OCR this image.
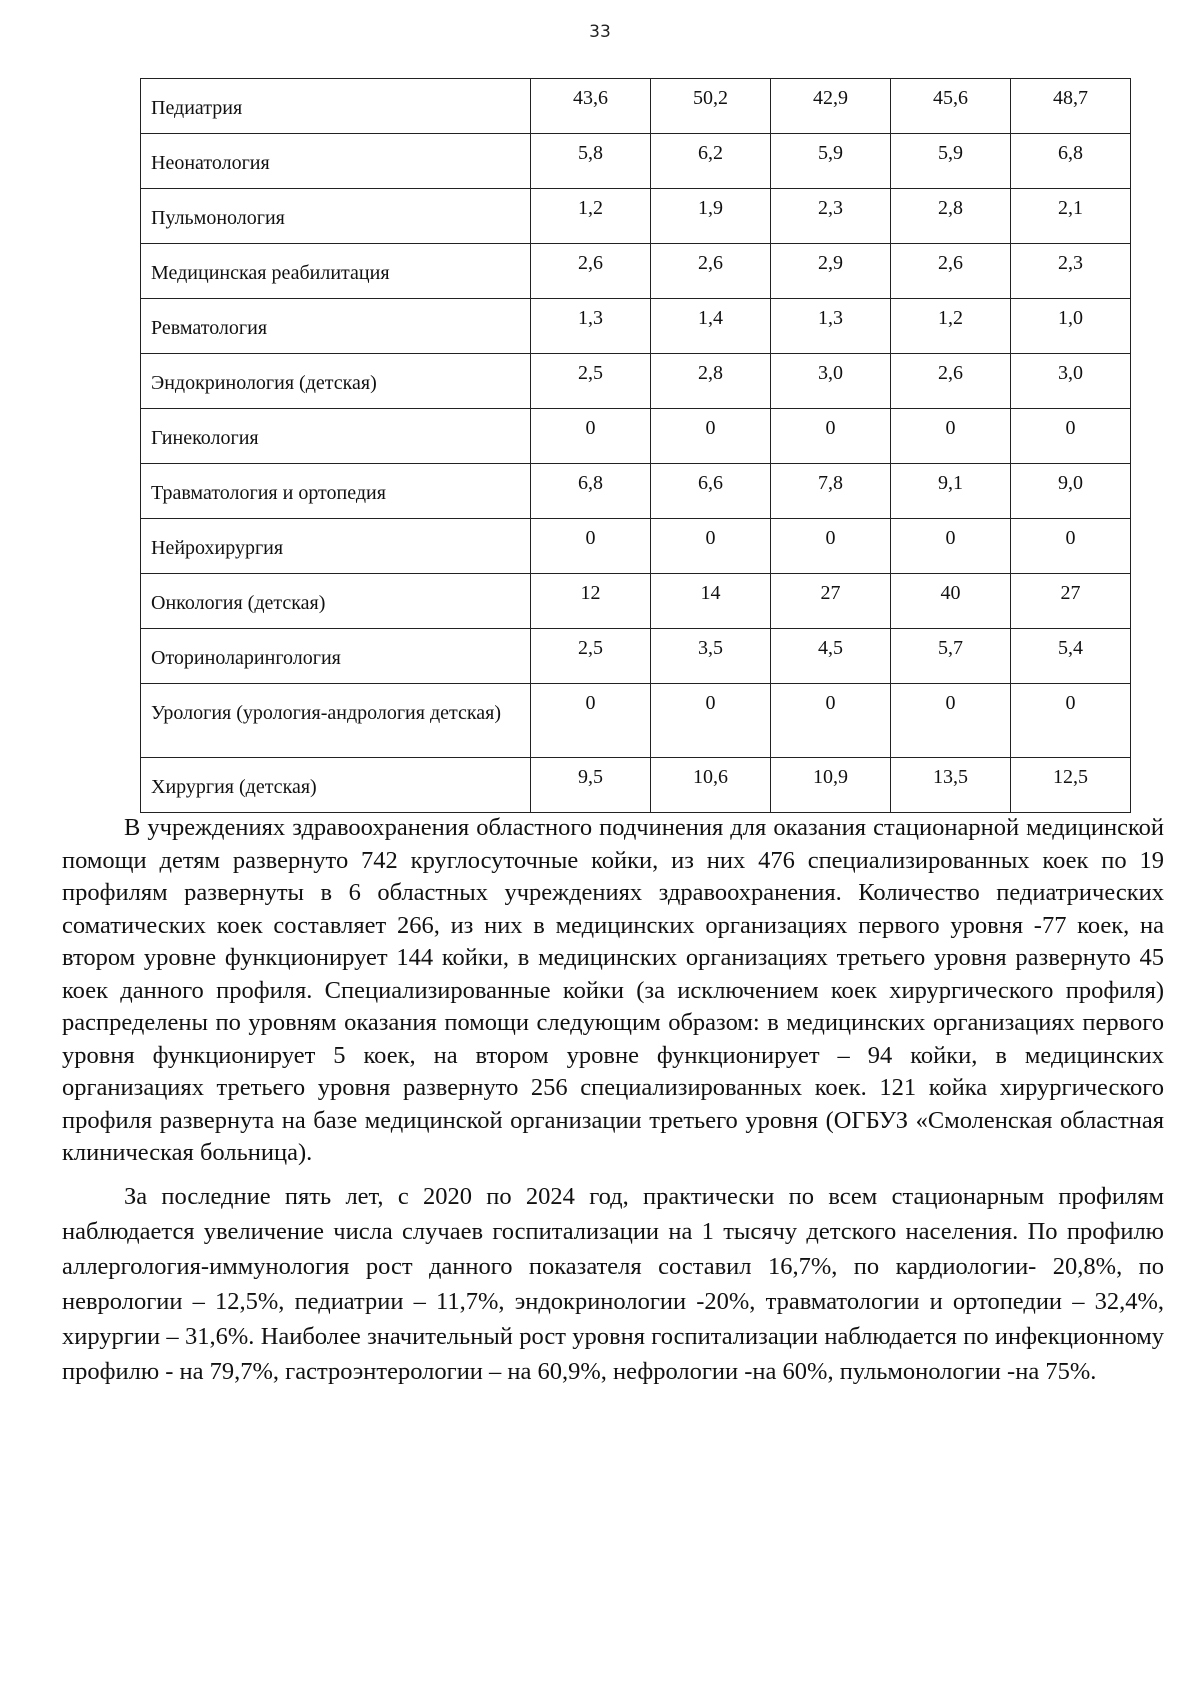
33
Педиатрия	43,6	50,2	42,9	45,6	48,7
Неонатология	5,8	6,2	5,9	5,9	6,8
Пульмонология	1,2	1,9	2,3	2,8	2,1
Медицинская реабилитация	2,6	2,6	2,9	2,6	2,3
Ревматология	1,3	1,4	1,3	1,2	1,0
Эндокринология (детская)	2,5	2,8	3,0	2,6	3,0
Гинекология	0	0	0	0	0
Травматология и ортопедия	6,8	6,6	7,8	9,1	9,0
Нейрохирургия	0	0	0	0	0
Онкология (детская)	12	14	27	40	27
Оториноларингология	2,5	3,5	4,5	5,7	5,4
Урология (урология-андрология детская)	0	0	0	0	0
Хирургия (детская)	9,5	10,6	10,9	13,5	12,5

В учреждениях здравоохранения областного подчинения для оказания стационарной медицинской помощи детям развернуто 742 круглосуточные койки, из них 476 специализированных коек по 19 профилям развернуты в 6 областных учреждениях здравоохранения. Количество педиатрических соматических коек составляет 266, из них в медицинских организациях первого уровня -77 коек, на втором уровне функционирует 144 койки, в медицинских организациях третьего уровня развернуто 45 коек данного профиля. Специализированные койки (за исключением коек хирургического профиля) распределены по уровням оказания помощи следующим образом: в медицинских организациях первого уровня функционирует 5 коек, на втором уровне функционирует – 94 койки, в медицинских организациях третьего уровня развернуто 256 специализированных коек. 121 койка хирургического профиля развернута на базе медицинской организации третьего уровня (ОГБУЗ «Смоленская областная клиническая больница).

За последние пять лет, с 2020 по 2024 год, практически по всем стационарным профилям наблюдается увеличение числа случаев госпитализации на 1 тысячу детского населения. По профилю аллергология-иммунология рост данного показателя составил 16,7%, по кардиологии- 20,8%, по неврологии – 12,5%, педиатрии – 11,7%, эндокринологии -20%, травматологии и ортопедии – 32,4%, хирургии – 31,6%. Наиболее значительный рост уровня госпитализации наблюдается по инфекционному профилю - на 79,7%, гастроэнтерологии – на 60,9%, нефрологии -на 60%, пульмонологии -на 75%.
